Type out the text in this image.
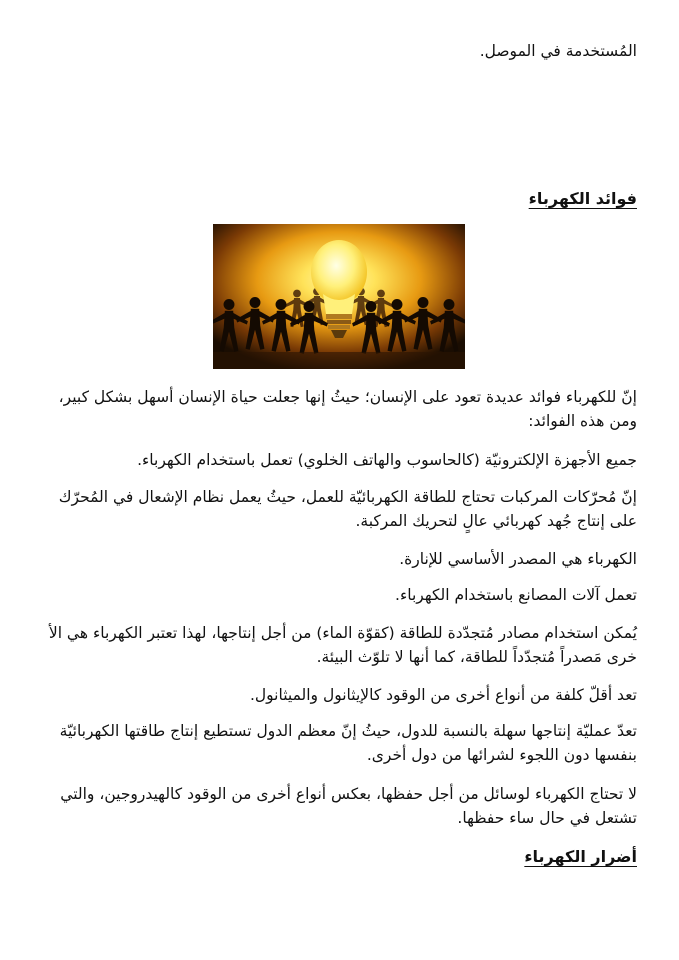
المُستخدمة في الموصل.
فوائد الكهرباء
إنّ للكهرباء فوائد عديدة تعود على الإنسان؛ حيثُ إنها جعلت حياة الإنسان أسهل بشكل كبير،
ومن هذه الفوائد:
جميع الأجهزة الإلكترونيّة (كالحاسوب والهاتف الخلوي) تعمل باستخدام الكهرباء.
إنّ مُحرّكات المركبات تحتاج للطاقة الكهربائيّة للعمل، حيثُ يعمل نظام الإشعال في المُحرّك
على إنتاج جُهد كهربائي عالٍ لتحريك المركبة.
الكهرباء هي المصدر الأساسي للإنارة.
تعمل آلات المصانع باستخدام الكهرباء.
يُمكن استخدام مصادر مُتجدّدة للطاقة (كقوّة الماء) من أجل إنتاجها، لهذا تعتبر الكهرباء هي الأ
خرى مَصدراً مُتجدّداً للطاقة، كما أنها لا تلوّث البيئة.
تعد أقلّ كلفة من أنواع أخرى من الوقود كالإيثانول والميثانول.
تعدّ عمليّة إنتاجها سهلة بالنسبة للدول، حيثُ إنّ معظم الدول تستطيع إنتاج طاقتها الكهربائيّة
بنفسها دون اللجوء لشرائها من دول أخرى.
لا تحتاج الكهرباء لوسائل من أجل حفظها، بعكس أنواع أخرى من الوقود كالهيدروجين، والتي
تشتعل في حال ساء حفظها.
أضرار الكهرباء
